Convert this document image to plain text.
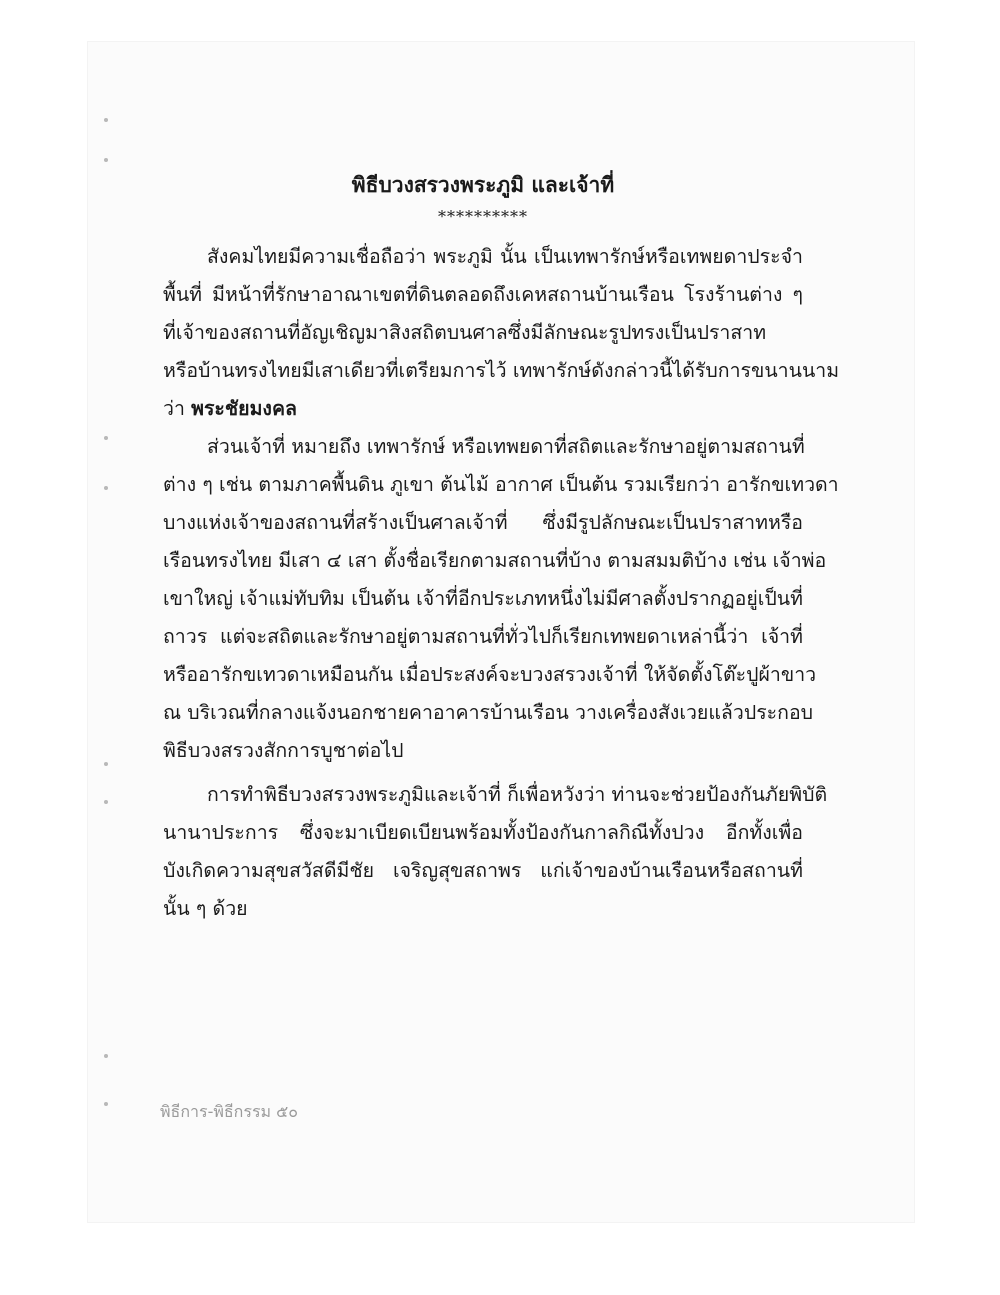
พิธีบวงสรวงพระภูมิ และเจ้าที่
**********
สังคมไทยมีความเชื่อถือว่า พระภูมิ นั้น เป็นเทพารักษ์หรือเทพยดาประจำ
พื้นที่ มีหน้าที่รักษาอาณาเขตที่ดินตลอดถึงเคหสถานบ้านเรือน โรงร้านต่าง ๆ
ที่เจ้าของสถานที่อัญเชิญมาสิงสถิตบนศาลซึ่งมีลักษณะรูปทรงเป็นปราสาท
หรือบ้านทรงไทยมีเสาเดียวที่เตรียมการไว้ เทพารักษ์ดังกล่าวนี้ได้รับการขนานนาม
ว่า พระชัยมงคล
ส่วนเจ้าที่ หมายถึง เทพารักษ์ หรือเทพยดาที่สถิตและรักษาอยู่ตามสถานที่
ต่าง ๆ เช่น ตามภาคพื้นดิน ภูเขา ต้นไม้ อากาศ เป็นต้น รวมเรียกว่า อารักขเทวดา
บางแห่งเจ้าของสถานที่สร้างเป็นศาลเจ้าที่ ซึ่งมีรูปลักษณะเป็นปราสาทหรือ
เรือนทรงไทย มีเสา ๔ เสา ตั้งชื่อเรียกตามสถานที่บ้าง ตามสมมติบ้าง เช่น เจ้าพ่อ
เขาใหญ่ เจ้าแม่ทับทิม เป็นต้น เจ้าที่อีกประเภทหนึ่งไม่มีศาลตั้งปรากฏอยู่เป็นที่
ถาวร แต่จะสถิตและรักษาอยู่ตามสถานที่ทั่วไปก็เรียกเทพยดาเหล่านี้ว่า เจ้าที่
หรืออารักขเทวดาเหมือนกัน เมื่อประสงค์จะบวงสรวงเจ้าที่ ให้จัดตั้งโต๊ะปูผ้าขาว
ณ บริเวณที่กลางแจ้งนอกชายคาอาคารบ้านเรือน วางเครื่องสังเวยแล้วประกอบ
พิธีบวงสรวงสักการบูชาต่อไป
การทำพิธีบวงสรวงพระภูมิและเจ้าที่ ก็เพื่อหวังว่า ท่านจะช่วยป้องกันภัยพิบัติ
นานาประการ ซึ่งจะมาเบียดเบียนพร้อมทั้งป้องกันกาลกิณีทั้งปวง อีกทั้งเพื่อ
บังเกิดความสุขสวัสดีมีชัย เจริญสุขสถาพร แก่เจ้าของบ้านเรือนหรือสถานที่
นั้น ๆ ด้วย
พิธีการ-พิธีกรรม ๕๐
